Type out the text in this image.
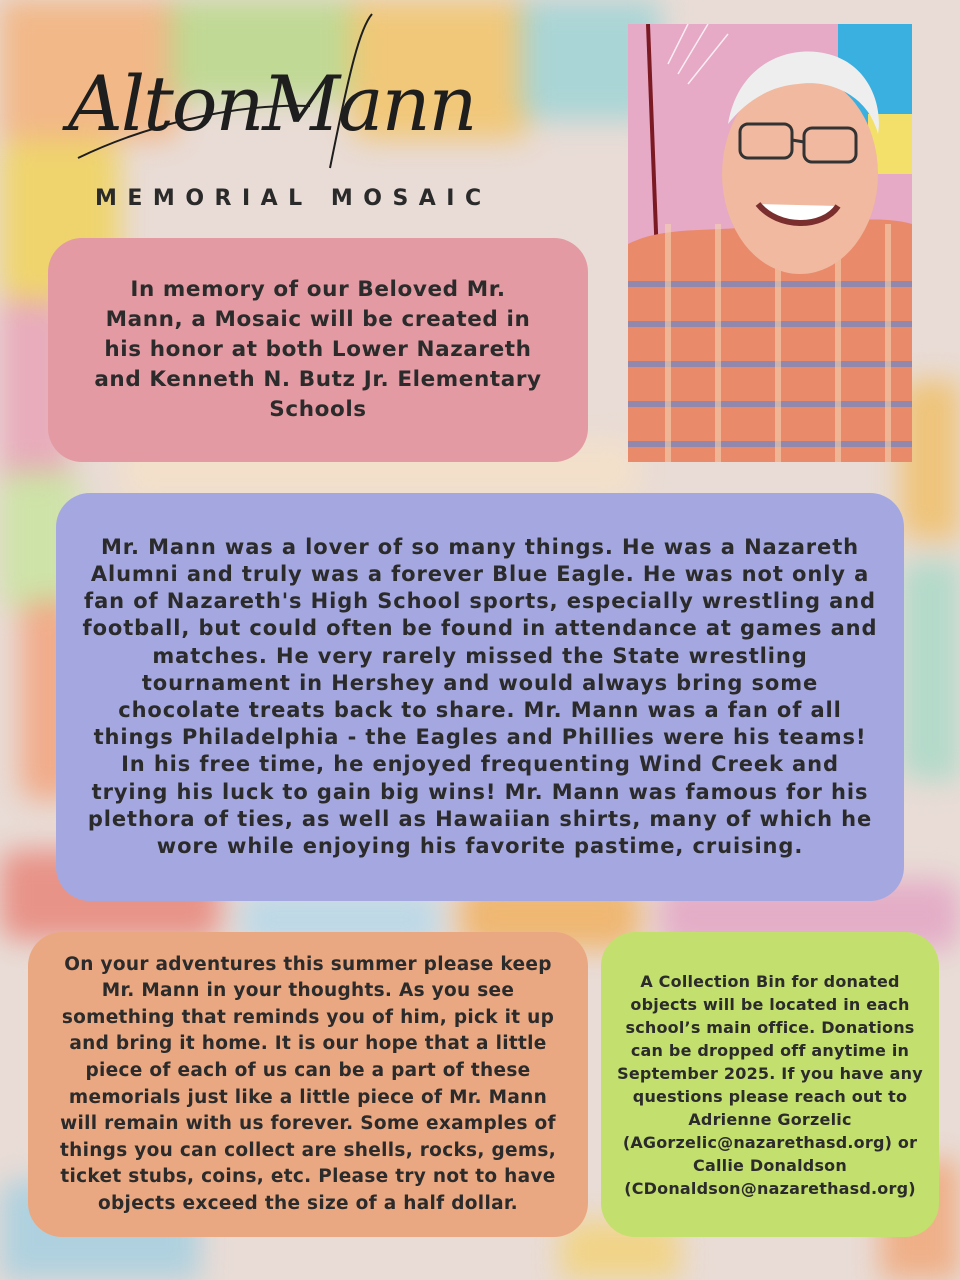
AltonMann
MEMORIAL MOSAIC

In memory of our Beloved Mr. Mann, a Mosaic will be created in his honor at both Lower Nazareth and Kenneth N. Butz Jr. Elementary Schools

Mr. Mann was a lover of so many things. He was a Nazareth Alumni and truly was a forever Blue Eagle. He was not only a fan of Nazareth's High School sports, especially wrestling and football, but could often be found in attendance at games and matches. He very rarely missed the State wrestling tournament in Hershey and would always bring some chocolate treats back to share. Mr. Mann was a fan of all things Philadelphia - the Eagles and Phillies were his teams! In his free time, he enjoyed frequenting Wind Creek and trying his luck to gain big wins! Mr. Mann was famous for his plethora of ties, as well as Hawaiian shirts, many of which he wore while enjoying his favorite pastime, cruising.

On your adventures this summer please keep Mr. Mann in your thoughts. As you see something that reminds you of him, pick it up and bring it home. It is our hope that a little piece of each of us can be a part of these memorials just like a little piece of Mr. Mann will remain with us forever. Some examples of things you can collect are shells, rocks, gems, ticket stubs, coins, etc. Please try not to have objects exceed the size of a half dollar.

A Collection Bin for donated objects will be located in each school’s main office. Donations can be dropped off anytime in September 2025. If you have any questions please reach out to Adrienne Gorzelic (AGorzelic@nazarethasd.org) or Callie Donaldson (CDonaldson@nazarethasd.org)
